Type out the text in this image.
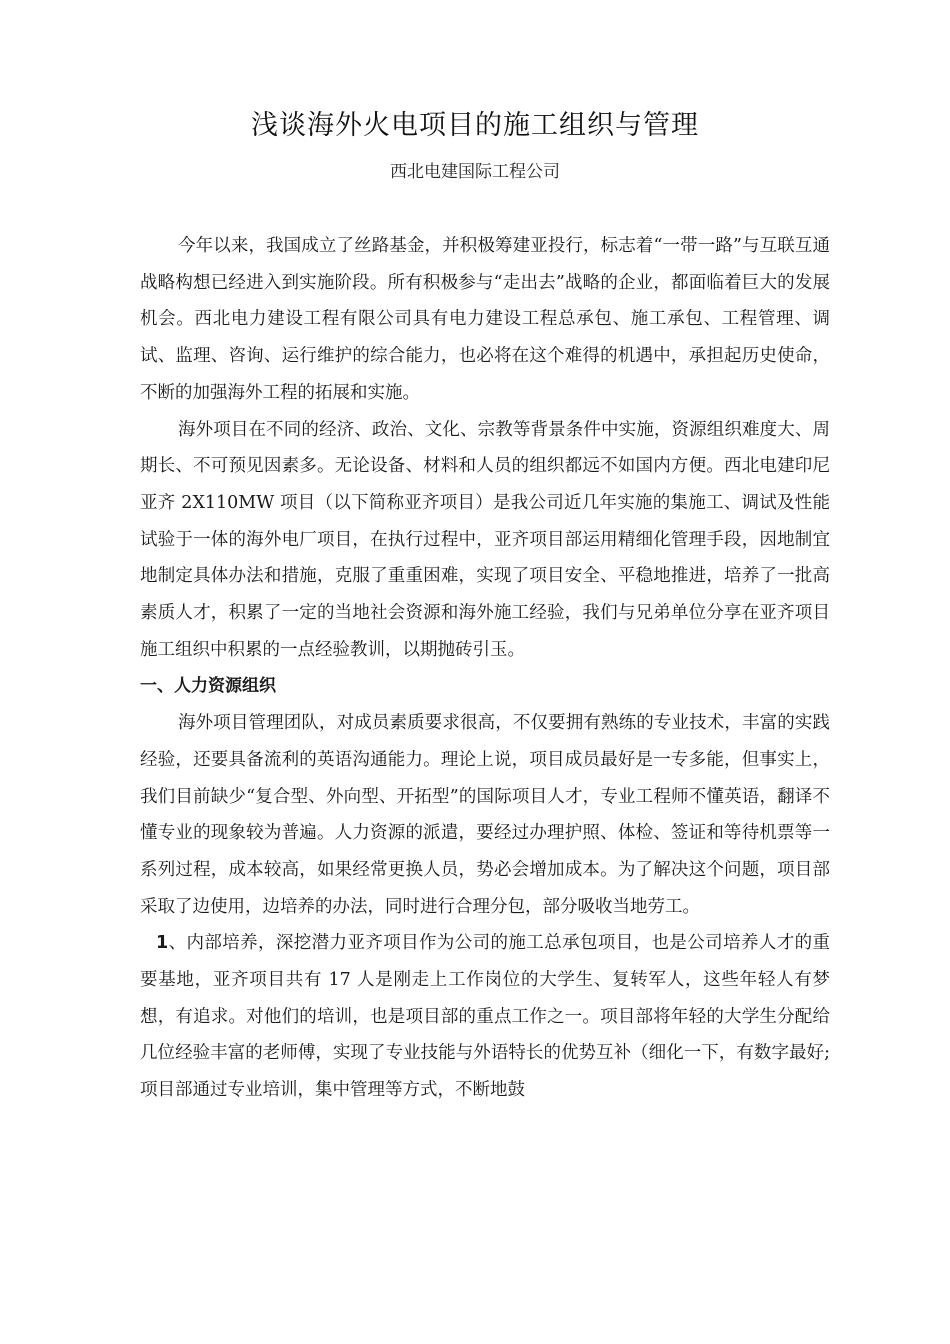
浅谈海外火电项目的施工组织与管理
西北电建国际工程公司

今年以来，我国成立了丝路基金，并积极筹建亚投行，标志着“一带一路”与互联互通战略构想已经进入到实施阶段。所有积极参与“走出去”战略的企业，都面临着巨大的发展机会。西北电力建设工程有限公司具有电力建设工程总承包、施工承包、工程管理、调试、监理、咨询、运行维护的综合能力，也必将在这个难得的机遇中，承担起历史使命，不断的加强海外工程的拓展和实施。

海外项目在不同的经济、政治、文化、宗教等背景条件中实施，资源组织难度大、周期长、不可预见因素多。无论设备、材料和人员的组织都远不如国内方便。西北电建印尼亚齐 2X110MW 项目（以下简称亚齐项目）是我公司近几年实施的集施工、调试及性能试验于一体的海外电厂项目，在执行过程中，亚齐项目部运用精细化管理手段，因地制宜地制定具体办法和措施，克服了重重困难，实现了项目安全、平稳地推进，培养了一批高素质人才，积累了一定的当地社会资源和海外施工经验，我们与兄弟单位分享在亚齐项目施工组织中积累的一点经验教训，以期抛砖引玉。

一、人力资源组织

海外项目管理团队，对成员素质要求很高，不仅要拥有熟练的专业技术，丰富的实践经验，还要具备流利的英语沟通能力。理论上说，项目成员最好是一专多能，但事实上，我们目前缺少“复合型、外向型、开拓型”的国际项目人才，专业工程师不懂英语，翻译不懂专业的现象较为普遍。人力资源的派遣，要经过办理护照、体检、签证和等待机票等一系列过程，成本较高，如果经常更换人员，势必会增加成本。为了解决这个问题，项目部采取了边使用，边培养的办法，同时进行合理分包，部分吸收当地劳工。

1、内部培养，深挖潜力亚齐项目作为公司的施工总承包项目，也是公司培养人才的重要基地，亚齐项目共有 17 人是刚走上工作岗位的大学生、复转军人，这些年轻人有梦想，有追求。对他们的培训，也是项目部的重点工作之一。项目部将年轻的大学生分配给几位经验丰富的老师傅，实现了专业技能与外语特长的优势互补（细化一下，有数字最好;项目部通过专业培训，集中管理等方式，不断地鼓
